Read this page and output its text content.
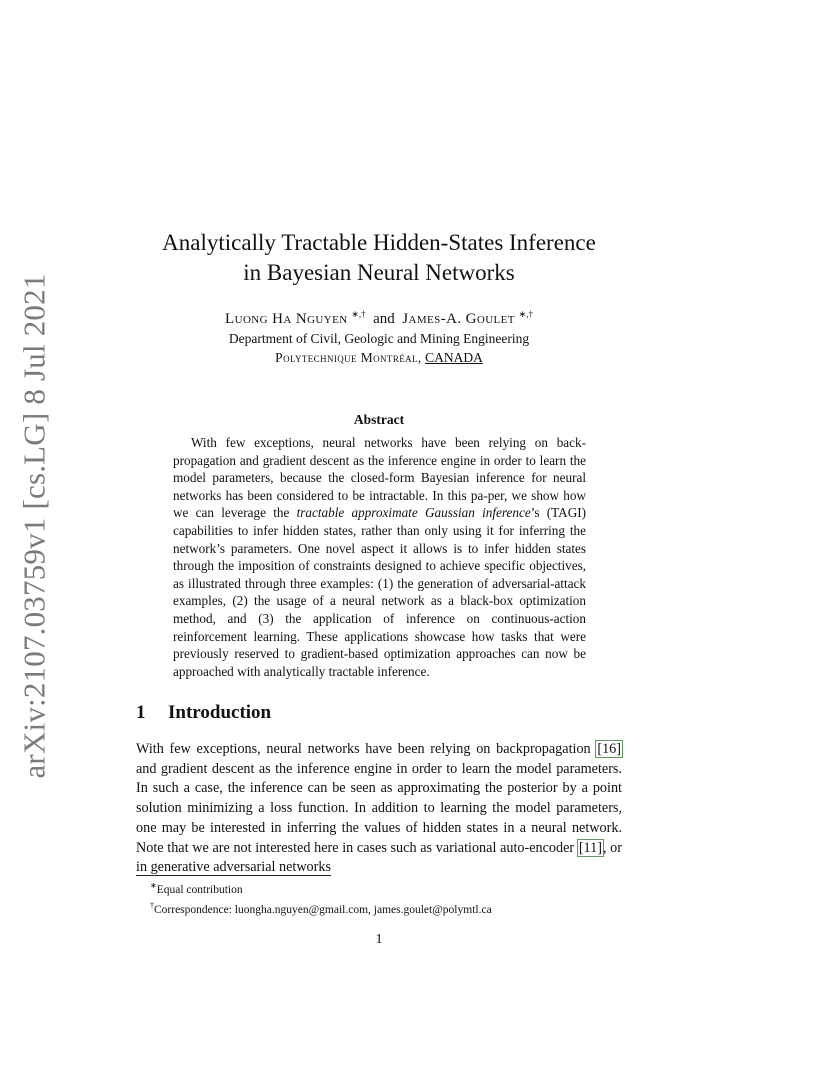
arXiv:2107.03759v1 [cs.LG] 8 Jul 2021
Analytically Tractable Hidden-States Inference
in Bayesian Neural Networks
Luong Ha Nguyen ∗,† and James-A. Goulet ∗,†
Department of Civil, Geologic and Mining Engineering
Polytechnique Montréal, CANADA
Abstract
With few exceptions, neural networks have been relying on back-propagation and gradient descent as the inference engine in order to learn the model parameters, because the closed-form Bayesian inference for neural networks has been considered to be intractable. In this pa-per, we show how we can leverage the tractable approximate Gaussian inference’s (TAGI) capabilities to infer hidden states, rather than only using it for inferring the network’s parameters. One novel aspect it allows is to infer hidden states through the imposition of constraints designed to achieve specific objectives, as illustrated through three examples: (1) the generation of adversarial-attack examples, (2) the usage of a neural network as a black-box optimization method, and (3) the application of inference on continuous-action reinforcement learning. These applications showcase how tasks that were previously reserved to gradient-based optimization approaches can now be approached with analytically tractable inference.
1 Introduction
With few exceptions, neural networks have been relying on backpropagation [16] and gradient descent as the inference engine in order to learn the model parameters. In such a case, the inference can be seen as approximating the posterior by a point solution minimizing a loss function. In addition to learning the model parameters, one may be interested in inferring the values of hidden states in a neural network. Note that we are not interested here in cases such as variational auto-encoder [11], or in generative adversarial networks
∗Equal contribution
†Correspondence: luongha.nguyen@gmail.com, james.goulet@polymtl.ca
1
